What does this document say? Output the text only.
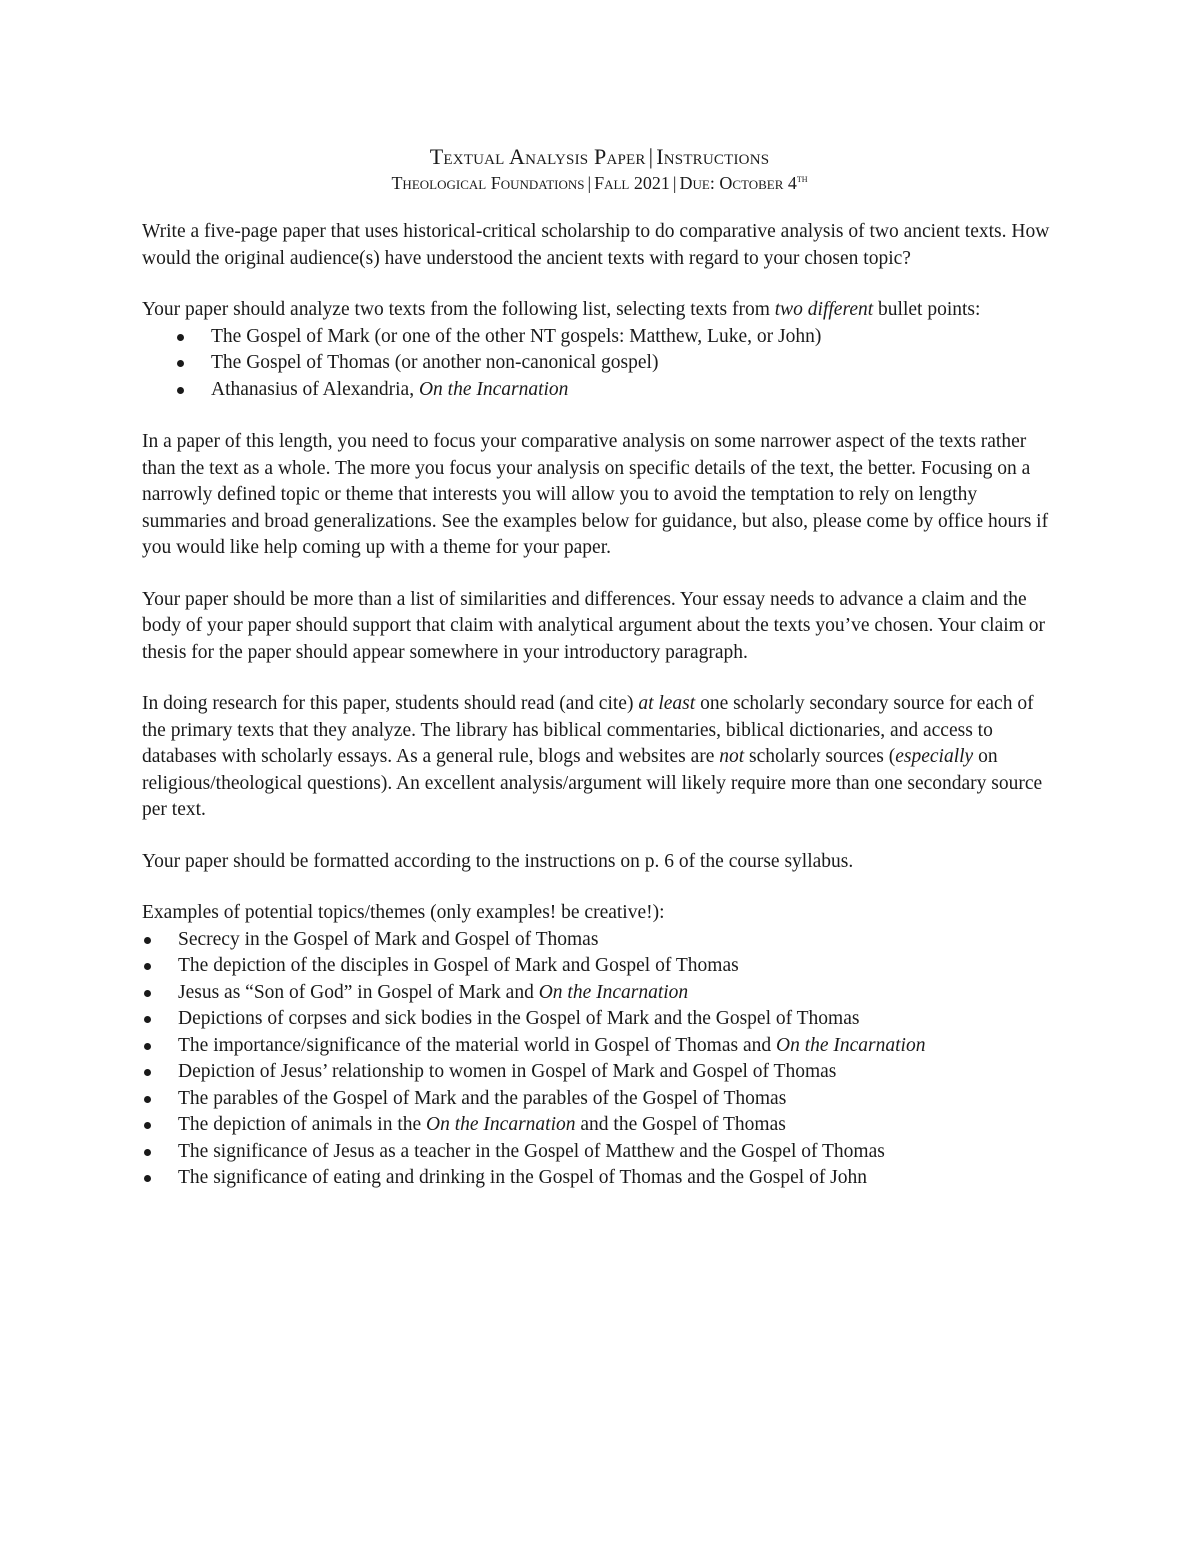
Textual Analysis Paper | Instructions
Theological Foundations | Fall 2021 | Due: October 4th

Write a five-page paper that uses historical-critical scholarship to do comparative analysis of two ancient texts. How would the original audience(s) have understood the ancient texts with regard to your chosen topic?

Your paper should analyze two texts from the following list, selecting texts from two different bullet points:

The Gospel of Mark (or one of the other NT gospels: Matthew, Luke, or John)
The Gospel of Thomas (or another non-canonical gospel)
Athanasius of Alexandria, On the Incarnation

In a paper of this length, you need to focus your comparative analysis on some narrower aspect of the texts rather than the text as a whole. The more you focus your analysis on specific details of the text, the better. Focusing on a narrowly defined topic or theme that interests you will allow you to avoid the temptation to rely on lengthy summaries and broad generalizations. See the examples below for guidance, but also, please come by office hours if you would like help coming up with a theme for your paper.

Your paper should be more than a list of similarities and differences. Your essay needs to advance a claim and the body of your paper should support that claim with analytical argument about the texts you’ve chosen. Your claim or thesis for the paper should appear somewhere in your introductory paragraph.

In doing research for this paper, students should read (and cite) at least one scholarly secondary source for each of the primary texts that they analyze. The library has biblical commentaries, biblical dictionaries, and access to databases with scholarly essays. As a general rule, blogs and websites are not scholarly sources (especially on religious/theological questions). An excellent analysis/argument will likely require more than one secondary source per text.

Your paper should be formatted according to the instructions on p. 6 of the course syllabus.

Examples of potential topics/themes (only examples! be creative!):

Secrecy in the Gospel of Mark and Gospel of Thomas
The depiction of the disciples in Gospel of Mark and Gospel of Thomas
Jesus as “Son of God” in Gospel of Mark and On the Incarnation
Depictions of corpses and sick bodies in the Gospel of Mark and the Gospel of Thomas
The importance/significance of the material world in Gospel of Thomas and On the Incarnation
Depiction of Jesus’ relationship to women in Gospel of Mark and Gospel of Thomas
The parables of the Gospel of Mark and the parables of the Gospel of Thomas
The depiction of animals in the On the Incarnation and the Gospel of Thomas
The significance of Jesus as a teacher in the Gospel of Matthew and the Gospel of Thomas
The significance of eating and drinking in the Gospel of Thomas and the Gospel of John
